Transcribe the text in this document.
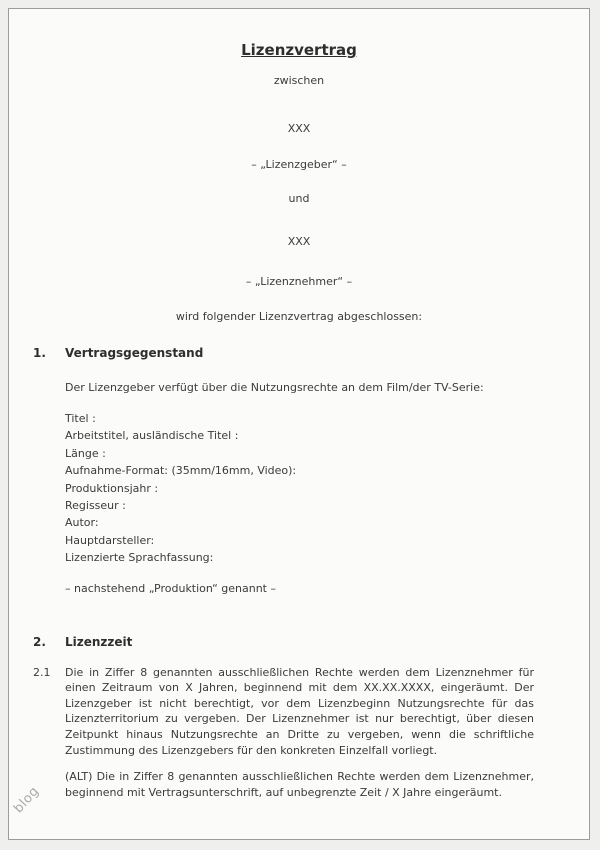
Lizenzvertrag
zwischen
XXX
– „Lizenzgeber“ –
und
XXX
– „Lizenznehmer“ –
wird folgender Lizenzvertrag abgeschlossen:
1.	Vertragsgegenstand

Der Lizenzgeber verfügt über die Nutzungsrechte an dem Film/der TV-Serie:

Titel :
Arbeitstitel, ausländische Titel :
Länge :
Aufnahme-Format: (35mm/16mm, Video):
Produktionsjahr :
Regisseur :
Autor:
Hauptdarsteller:
Lizenzierte Sprachfassung:

– nachstehend „Produktion“ genannt –

2.	Lizenzzeit
2.1	Die in Ziffer 8 genannten ausschließlichen Rechte werden dem Lizenznehmer für einen Zeitraum von X Jahren, beginnend mit dem XX.XX.XXXX, eingeräumt. Der Lizenzgeber ist nicht berechtigt, vor dem Lizenzbeginn Nutzungsrechte für das Lizenzterritorium zu vergeben. Der Lizenznehmer ist nur berechtigt, über diesen Zeitpunkt hinaus Nutzungsrechte an Dritte zu vergeben, wenn die schriftliche Zustimmung des Lizenzgebers für den konkreten Einzelfall vorliegt.
(ALT) Die in Ziffer 8 genannten ausschließlichen Rechte werden dem Lizenznehmer, beginnend mit Vertragsunterschrift, auf unbegrenzte Zeit / X Jahre eingeräumt.
blog
